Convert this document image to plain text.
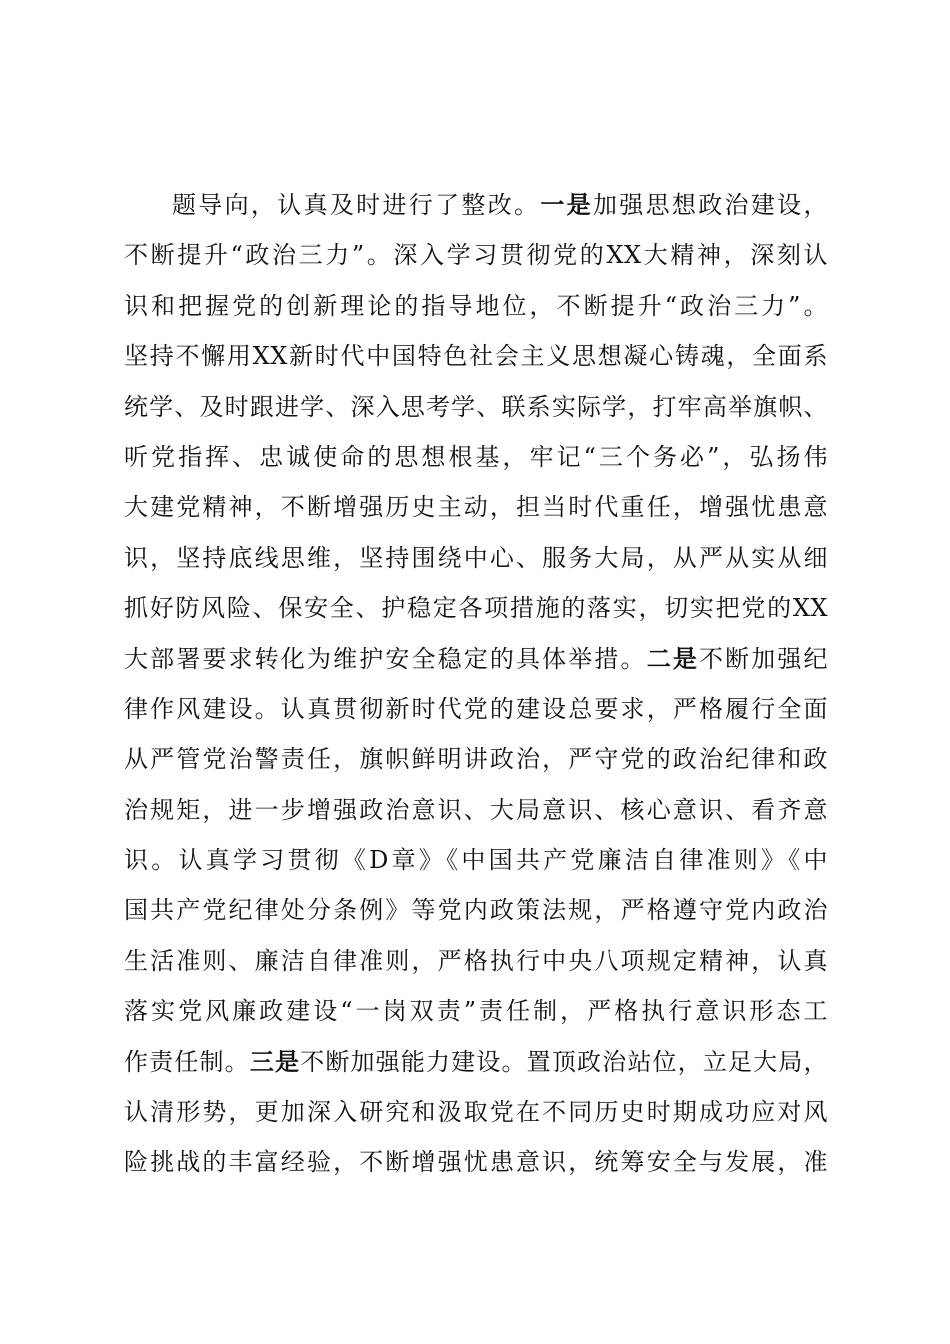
题导向，认真及时进行了整改。一是加强思想政治建设，
不断提升“政治三力”。深入学习贯彻党的XX大精神，深刻认
识和把握党的创新理论的指导地位，不断提升“政治三力”。
坚持不懈用XX新时代中国特色社会主义思想凝心铸魂，全面系
统学、及时跟进学、深入思考学、联系实际学，打牢高举旗帜、
听党指挥、忠诚使命的思想根基，牢记“三个务必”，弘扬伟
大建党精神，不断增强历史主动，担当时代重任，增强忧患意
识，坚持底线思维，坚持围绕中心、服务大局，从严从实从细
抓好防风险、保安全、护稳定各项措施的落实，切实把党的XX
大部署要求转化为维护安全稳定的具体举措。二是不断加强纪
律作风建设。认真贯彻新时代党的建设总要求，严格履行全面
从严管党治警责任，旗帜鲜明讲政治，严守党的政治纪律和政
治规矩，进一步增强政治意识、大局意识、核心意识、看齐意
识。认真学习贯彻《D章》《中国共产党廉洁自律准则》《中
国共产党纪律处分条例》等党内政策法规，严格遵守党内政治
生活准则、廉洁自律准则，严格执行中央八项规定精神，认真
落实党风廉政建设“一岗双责”责任制，严格执行意识形态工
作责任制。三是不断加强能力建设。置顶政治站位，立足大局，
认清形势，更加深入研究和汲取党在不同历史时期成功应对风
险挑战的丰富经验，不断增强忧患意识，统筹安全与发展，准
